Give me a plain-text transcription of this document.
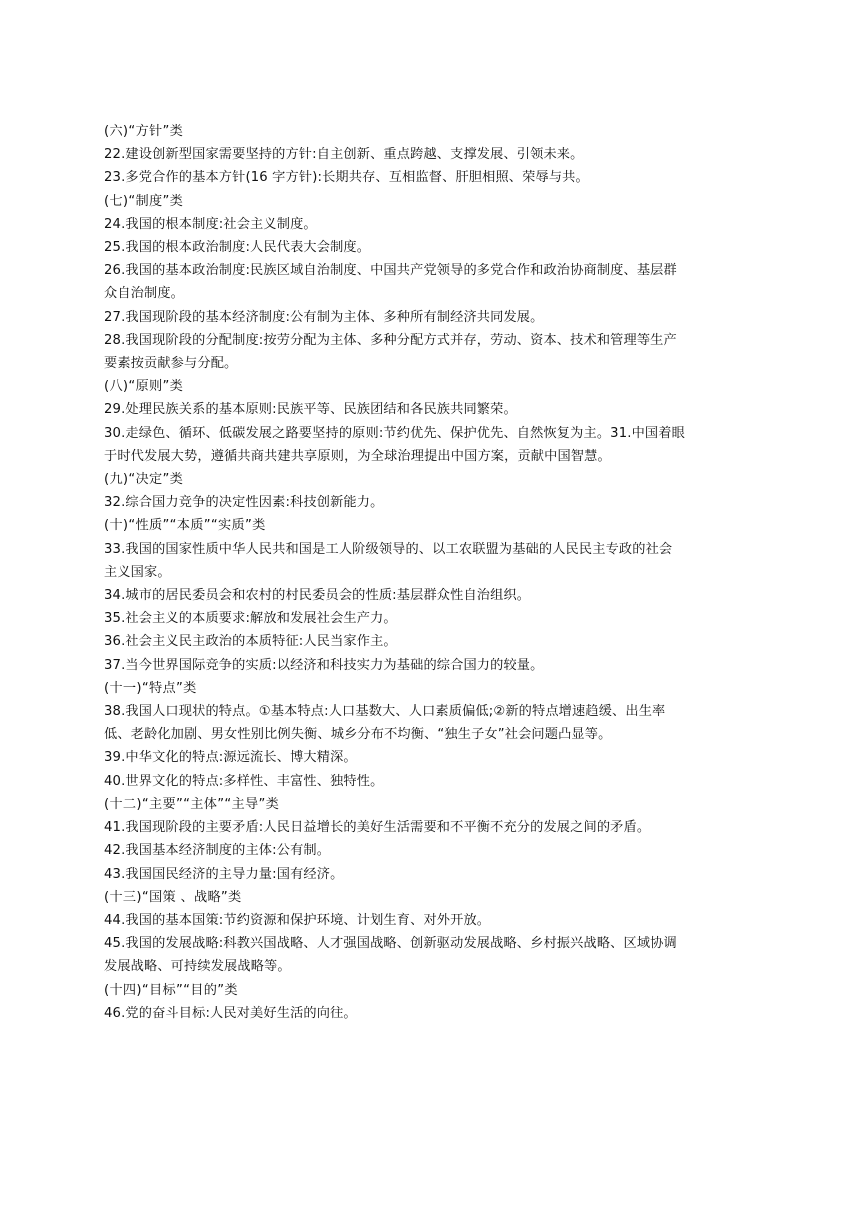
(六)“方针”类
22.建设创新型国家需要坚持的方针:自主创新、重点跨越、支撑发展、引领未来。
23.多党合作的基本方针(16 字方针):长期共存、互相监督、肝胆相照、荣辱与共。
(七)“制度”类
24.我国的根本制度:社会主义制度。
25.我国的根本政治制度:人民代表大会制度。
26.我国的基本政治制度:民族区域自治制度、中国共产党领导的多党合作和政治协商制度、基层群
众自治制度。
27.我国现阶段的基本经济制度:公有制为主体、多种所有制经济共同发展。
28.我国现阶段的分配制度:按劳分配为主体、多种分配方式并存，劳动、资本、技术和管理等生产
要素按贡献参与分配。
(八)“原则”类
29.处理民族关系的基本原则:民族平等、民族团结和各民族共同繁荣。
30.走绿色、循环、低碳发展之路要坚持的原则:节约优先、保护优先、自然恢复为主。31.中国着眼
于时代发展大势，遵循共商共建共享原则，为全球治理提出中国方案，贡献中国智慧。
(九)“决定”类
32.综合国力竞争的决定性因素:科技创新能力。
(十)“性质”“本质”“实质”类
33.我国的国家性质中华人民共和国是工人阶级领导的、以工农联盟为基础的人民民主专政的社会
主义国家。
34.城市的居民委员会和农村的村民委员会的性质:基层群众性自治组织。
35.社会主义的本质要求:解放和发展社会生产力。
36.社会主义民主政治的本质特征:人民当家作主。
37.当今世界国际竞争的实质:以经济和科技实力为基础的综合国力的较量。
(十一)“特点”类
38.我国人口现状的特点。①基本特点:人口基数大、人口素质偏低;②新的特点增速趋缓、出生率
低、老龄化加剧、男女性别比例失衡、城乡分布不均衡、“独生子女”社会问题凸显等。
39.中华文化的特点:源远流长、博大精深。
40.世界文化的特点:多样性、丰富性、独特性。
(十二)“主要”“主体”“主导”类
41.我国现阶段的主要矛盾:人民日益增长的美好生活需要和不平衡不充分的发展之间的矛盾。
42.我国基本经济制度的主体:公有制。
43.我国国民经济的主导力量:国有经济。
(十三)“国策 、战略”类
44.我国的基本国策:节约资源和保护环境、计划生育、对外开放。
45.我国的发展战略:科教兴国战略、人才强国战略、创新驱动发展战略、乡村振兴战略、区域协调
发展战略、可持续发展战略等。
(十四)“目标”“目的”类
46.党的奋斗目标:人民对美好生活的向往。
